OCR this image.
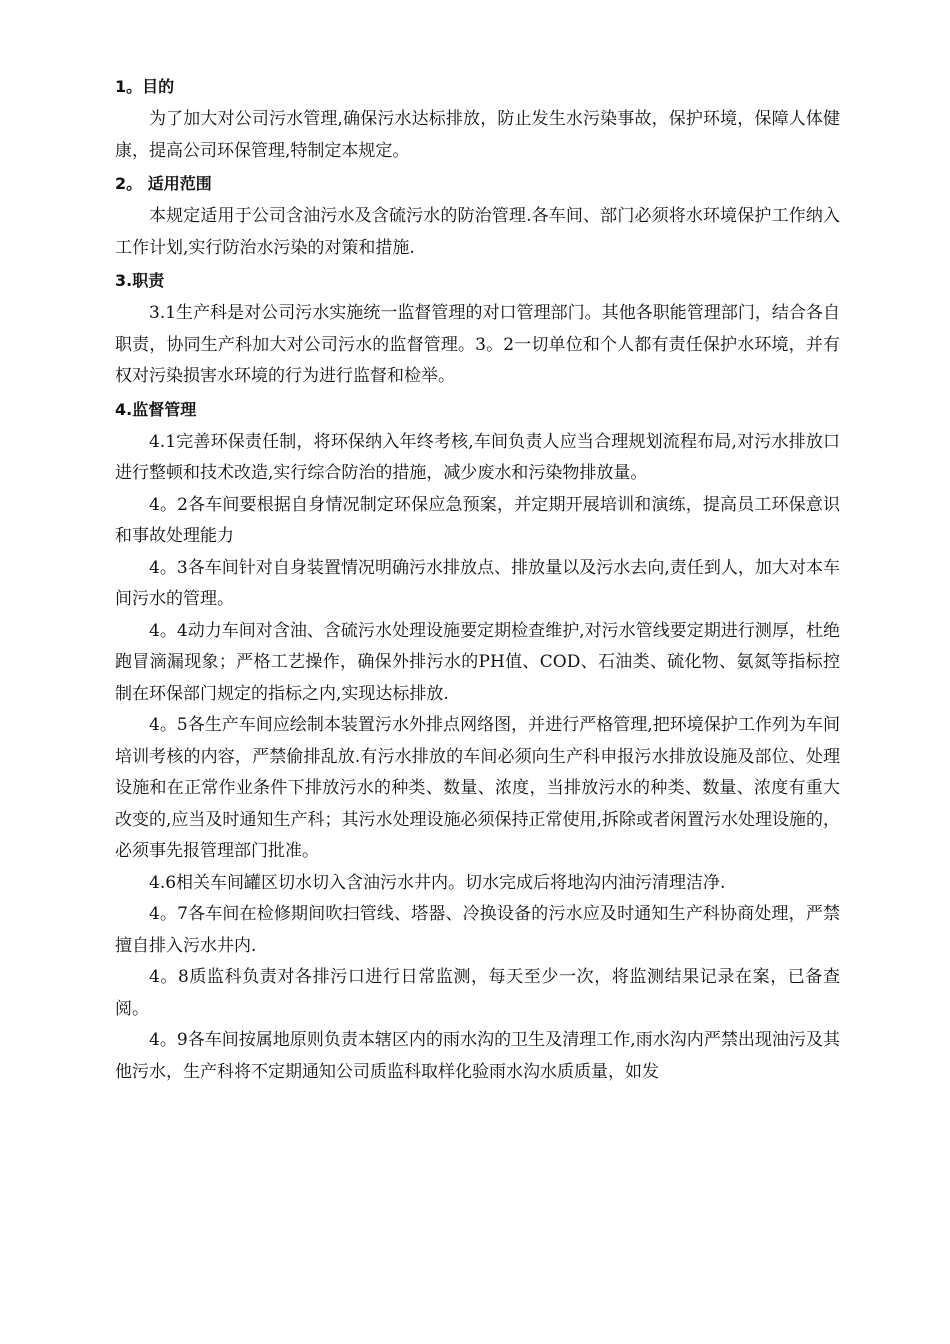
1。目的

为了加大对公司污水管理,确保污水达标排放，防止发生水污染事故，保护环境，保障人体健康，提高公司环保管理,特制定本规定。

2。 适用范围

本规定适用于公司含油污水及含硫污水的防治管理.各车间、部门必须将水环境保护工作纳入工作计划,实行防治水污染的对策和措施.

3.职责

3.1生产科是对公司污水实施统一监督管理的对口管理部门。其他各职能管理部门，结合各自职责，协同生产科加大对公司污水的监督管理。3。2一切单位和个人都有责任保护水环境，并有权对污染损害水环境的行为进行监督和检举。

4.监督管理

4.1完善环保责任制，将环保纳入年终考核,车间负责人应当合理规划流程布局,对污水排放口进行整顿和技术改造,实行综合防治的措施，减少废水和污染物排放量。

4。2各车间要根据自身情况制定环保应急预案，并定期开展培训和演练，提高员工环保意识和事故处理能力

4。3各车间针对自身装置情况明确污水排放点、排放量以及污水去向,责任到人，加大对本车间污水的管理。

4。4动力车间对含油、含硫污水处理设施要定期检查维护,对污水管线要定期进行测厚，杜绝跑冒滴漏现象；严格工艺操作，确保外排污水的PH值、COD、石油类、硫化物、氨氮等指标控制在环保部门规定的指标之内,实现达标排放.

4。5各生产车间应绘制本装置污水外排点网络图，并进行严格管理,把环境保护工作列为车间培训考核的内容，严禁偷排乱放.有污水排放的车间必须向生产科申报污水排放设施及部位、处理设施和在正常作业条件下排放污水的种类、数量、浓度，当排放污水的种类、数量、浓度有重大改变的,应当及时通知生产科；其污水处理设施必须保持正常使用,拆除或者闲置污水处理设施的，必须事先报管理部门批准。

4.6相关车间罐区切水切入含油污水井内。切水完成后将地沟内油污清理洁净.

4。7各车间在检修期间吹扫管线、塔器、冷换设备的污水应及时通知生产科协商处理，严禁擅自排入污水井内.

4。8质监科负责对各排污口进行日常监测，每天至少一次，将监测结果记录在案，已备查阅。

4。9各车间按属地原则负责本辖区内的雨水沟的卫生及清理工作,雨水沟内严禁出现油污及其他污水，生产科将不定期通知公司质监科取样化验雨水沟水质质量，如发
